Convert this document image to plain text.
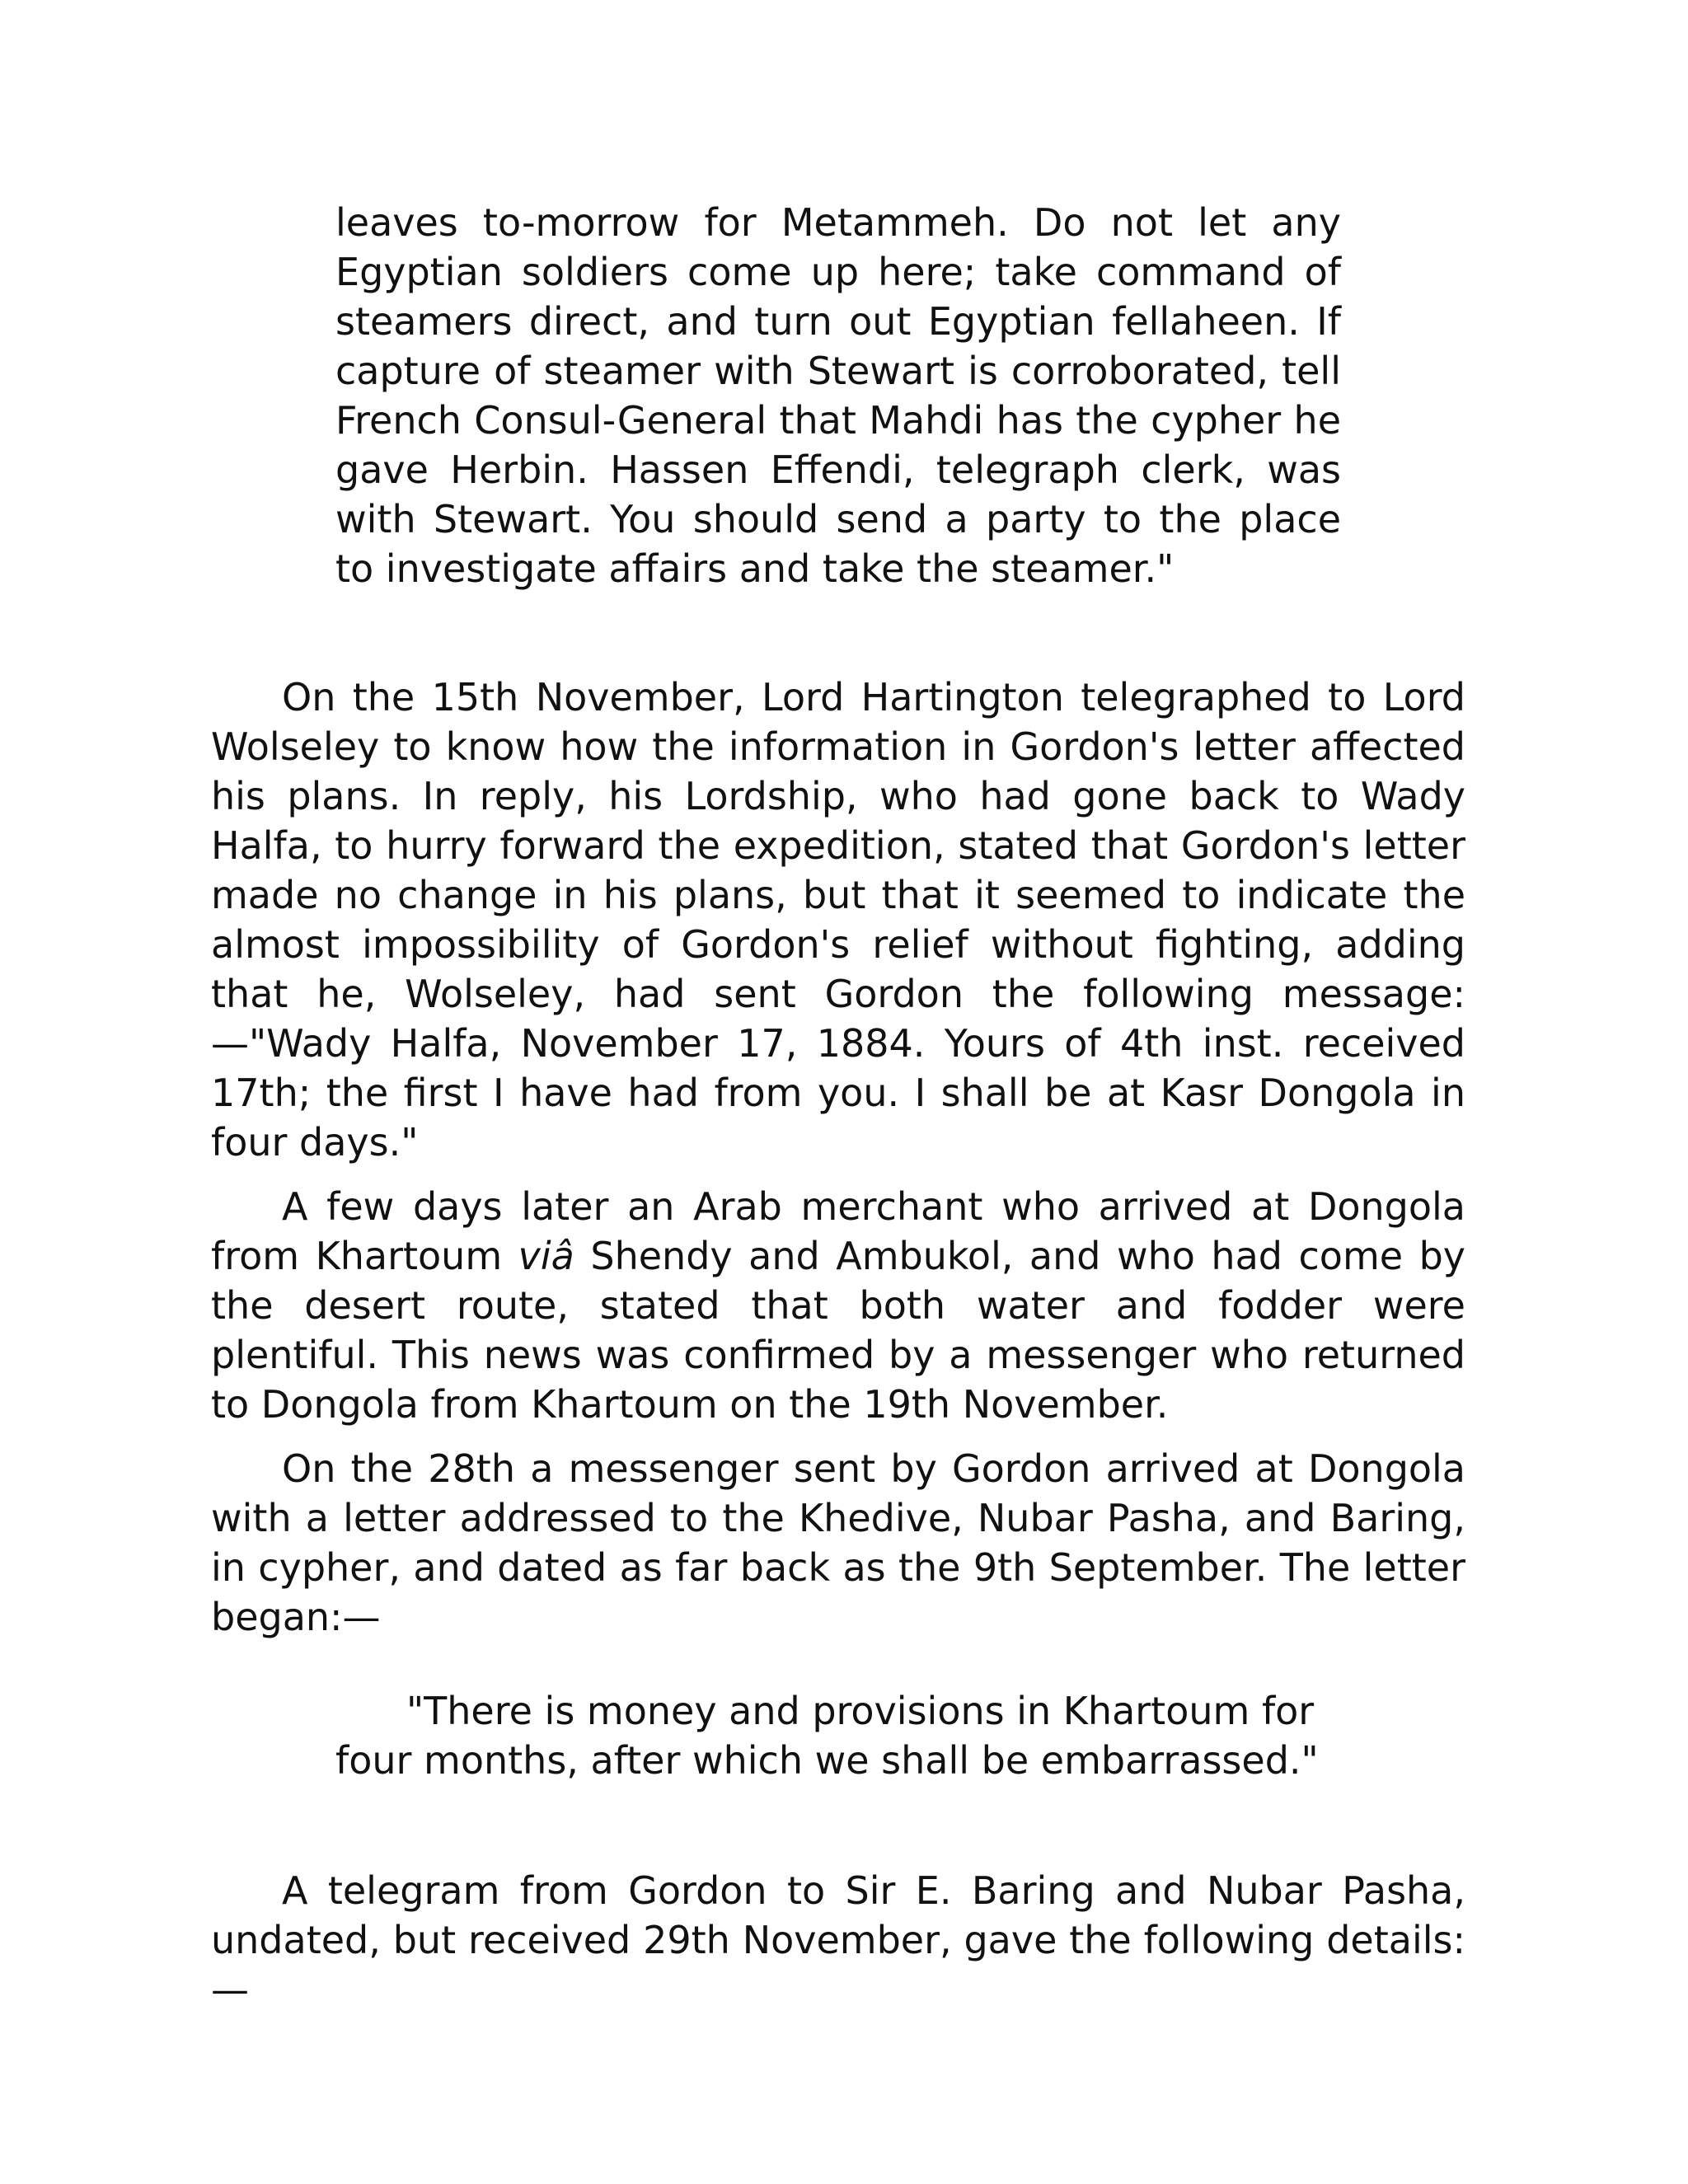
leaves to-morrow for Metammeh. Do not let any Egyptian soldiers come up here; take command of steamers direct, and turn out Egyptian fellaheen. If capture of steamer with Stewart is corroborated, tell French Consul-General that Mahdi has the cypher he gave Herbin. Hassen Effendi, telegraph clerk, was with Stewart. You should send a party to the place to investigate affairs and take the steamer."

On the 15th November, Lord Hartington telegraphed to Lord Wolseley to know how the information in Gordon's letter affected his plans. In reply, his Lordship, who had gone back to Wady Halfa, to hurry forward the expedition, stated that Gordon's letter made no change in his plans, but that it seemed to indicate the almost impossibility of Gordon's relief without fighting, adding that he, Wolseley, had sent Gordon the following message:—"Wady Halfa, November 17, 1884. Yours of 4th inst. received 17th; the first I have had from you. I shall be at Kasr Dongola in four days."

A few days later an Arab merchant who arrived at Dongola from Khartoum viâ Shendy and Ambukol, and who had come by the desert route, stated that both water and fodder were plentiful. This news was confirmed by a messenger who returned to Dongola from Khartoum on the 19th November.

On the 28th a messenger sent by Gordon arrived at Dongola with a letter addressed to the Khedive, Nubar Pasha, and Baring, in cypher, and dated as far back as the 9th September. The letter began:—

"There is money and provisions in Khartoum for

four months, after which we shall be embarrassed."

A telegram from Gordon to Sir E. Baring and Nubar Pasha, undated, but received 29th November, gave the following details:—
